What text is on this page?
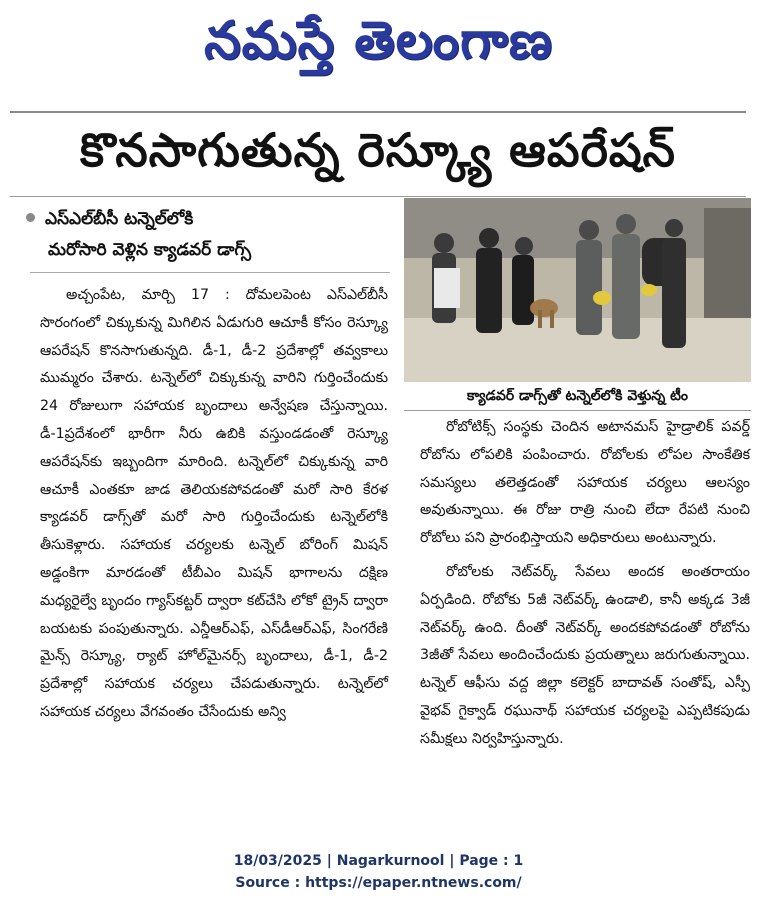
నమస్తే తెలంగాణ
కొనసాగుతున్న రెస్క్యూ ఆపరేషన్
ఎస్‌ఎల్‌బీసీ టన్నెల్‌లోకి
మరోసారి వెళ్లిన క్యాడవర్‌ డాగ్స్‌

అచ్చంపేట, మార్చి 17 : దోమలపెంట ఎస్‌ఎల్‌బీసీ సొరంగంలో చిక్కుకున్న మిగిలిన ఏడుగురి ఆచూకీ కోసం రెస్క్యూ ఆపరేషన్‌ కొనసాగుతున్నది. డీ-1, డీ-2 ప్రదేశాల్లో తవ్వకాలు ముమ్మరం చేశారు. టన్నెల్‌లో చిక్కుకున్న వారిని గుర్తించేందుకు 24 రోజులుగా సహాయక బృందాలు అన్వేషణ చేస్తున్నాయి. డీ-1ప్రదేశంలో భారీగా నీరు ఉబికి వస్తుండడంతో రెస్క్యూ ఆపరేషన్‌కు ఇబ్బందిగా మారింది. టన్నెల్‌లో చిక్కుకున్న వారి ఆచూకీ ఎంతకూ జాడ తెలియకపోవడంతో మరో సారి కేరళ క్యాడవర్‌ డాగ్స్‌తో మరో సారి గుర్తించేందుకు టన్నెల్‌లోకి తీసుకెళ్లారు. సహాయక చర్యలకు టన్నెల్‌ బోరింగ్‌ మిషన్‌ అడ్డంకిగా మారడంతో టీబీఎం మిషన్‌ భాగాలను దక్షిణ మధ్యరైల్వే బృందం గ్యాస్‌కట్టర్‌ ద్వారా కట్‌చేసి లోకో ట్రైన్‌ ద్వారా బయటకు పంపుతున్నారు. ఎన్డీఆర్‌ఎఫ్‌, ఎస్‌డీఆర్‌ఎఫ్‌, సింగరేణి మైన్స్‌ రెస్క్యూ, ర్యాట్‌ హోల్‌మైనర్స్‌ బృందాలు, డీ-1, డీ-2 ప్రదేశాల్లో సహాయక చర్యలు చేపడుతున్నారు. టన్నెల్‌లో సహాయక చర్యలు వేగవంతం చేసేందుకు అన్వి

క్యాడవర్‌ డాగ్స్‌తో టన్నెల్‌లోకి వెళ్తున్న టీం

రోబోటిక్స్‌ సంస్థకు చెందిన అటానమస్‌ హైడ్రాలిక్‌ పవర్డ్‌ రోబోను లోపలికి పంపించారు. రోబోలకు లోపల సాంకేతిక సమస్యలు తలెత్తడంతో సహాయక చర్యలు ఆలస్యం అవుతున్నాయి. ఈ రోజు రాత్రి నుంచి లేదా రేపటి నుంచి రోబోలు పని ప్రారంభిస్తాయని అధికారులు అంటున్నారు.

రోబోలకు నెట్‌వర్క్‌ సేవలు అందక అంతరాయం ఏర్పడింది. రోబోకు 5జీ నెట్‌వర్క్‌ ఉండాలి, కానీ అక్కడ 3జీ నెట్‌వర్క్‌ ఉంది. దీంతో నెట్‌వర్క్‌ అందకపోవడంతో రోబోను 3జీతో సేవలు అందించేందుకు ప్రయత్నాలు జరుగుతున్నాయి. టన్నెల్‌ ఆఫీసు వద్ద జిల్లా కలెక్టర్‌ బాదావత్‌ సంతోష్‌, ఎస్పీ వైభవ్‌ గైక్వాడ్‌ రఘునాథ్‌ సహాయక చర్యలపై ఎప్పటికపుడు సమీక్షలు నిర్వహిస్తున్నారు.

18/03/2025 | Nagarkurnool | Page : 1
Source : https://epaper.ntnews.com/
